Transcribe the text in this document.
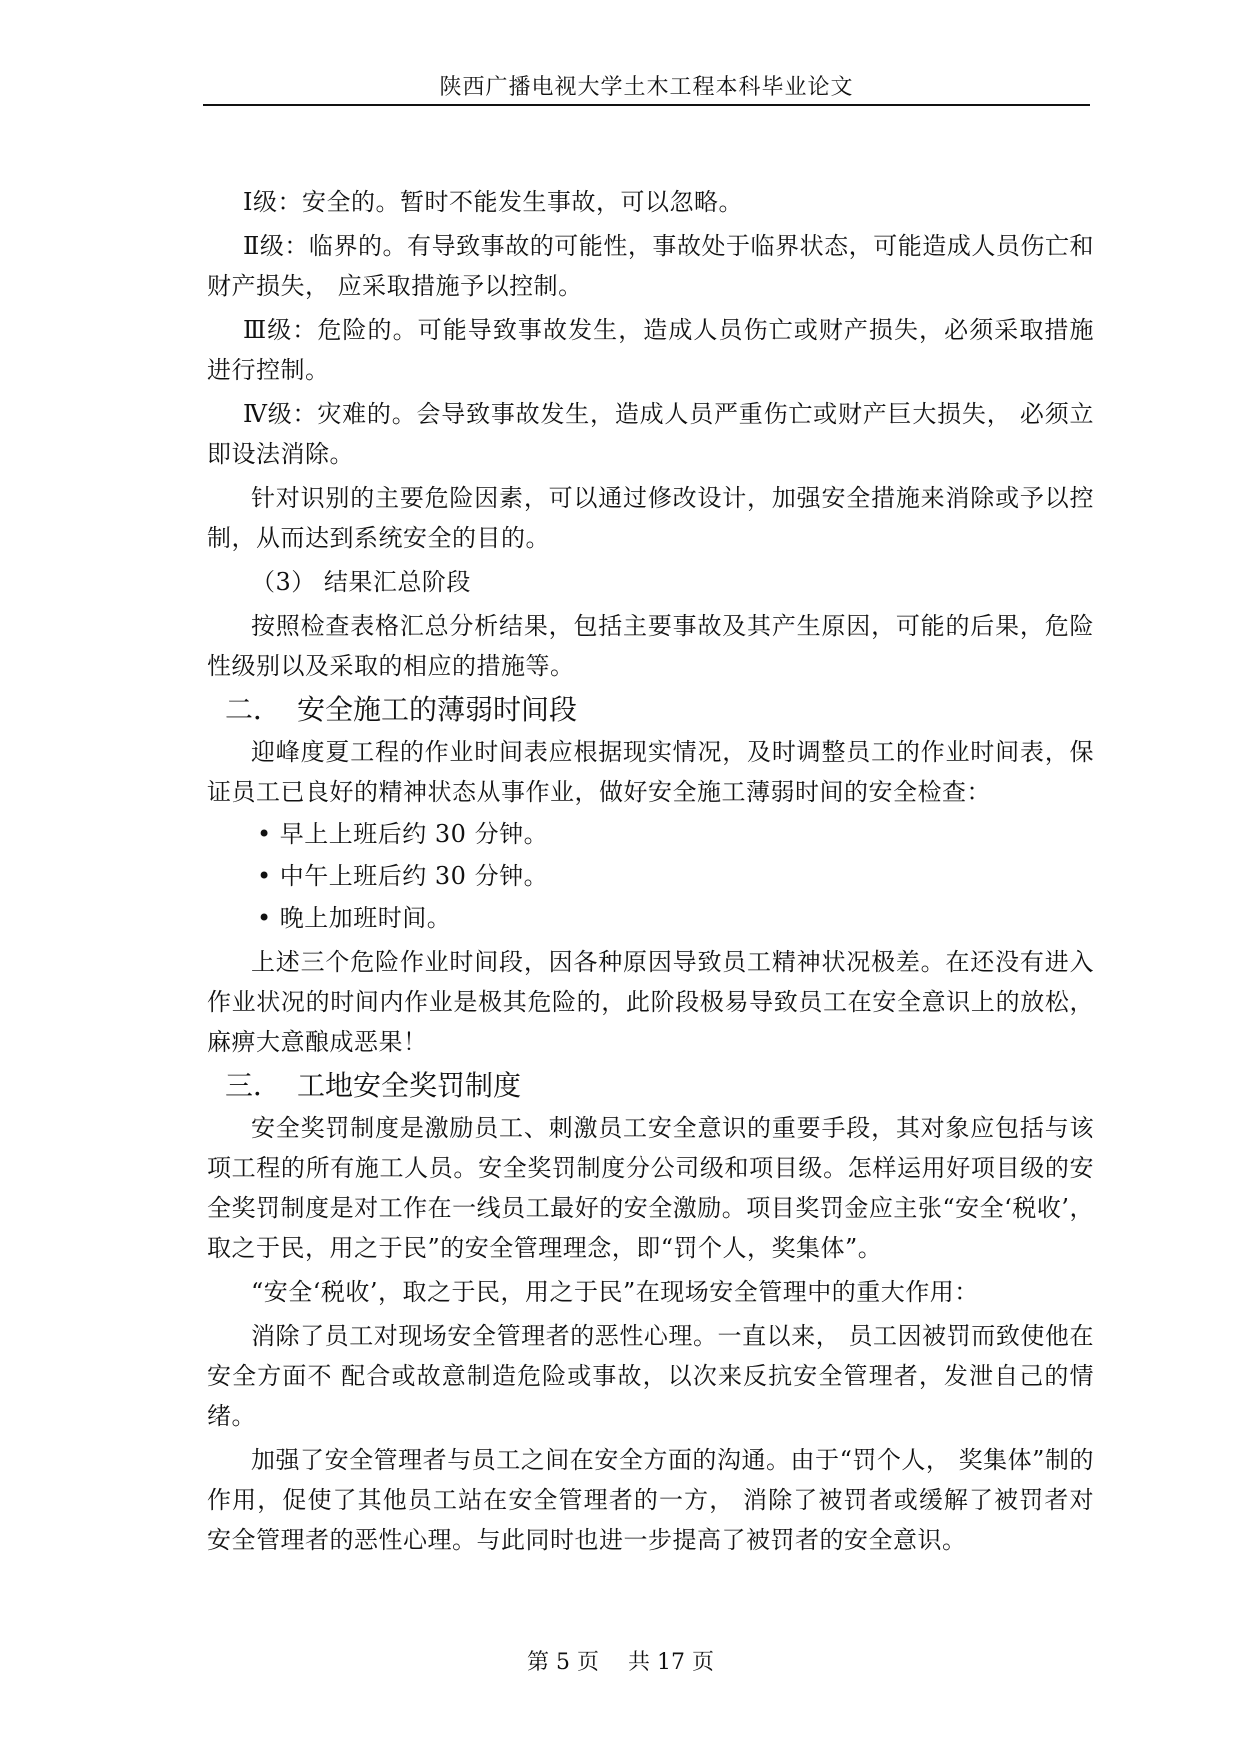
陕西广播电视大学土木工程本科毕业论文

Ⅰ级：安全的。暂时不能发生事故，可以忽略。

Ⅱ级：临界的。有导致事故的可能性，事故处于临界状态，可能造成人员伤亡和财产损失， 应采取措施予以控制。

Ⅲ级：危险的。可能导致事故发生，造成人员伤亡或财产损失，必须采取措施进行控制。

Ⅳ级：灾难的。会导致事故发生，造成人员严重伤亡或财产巨大损失， 必须立即设法消除。

针对识别的主要危险因素，可以通过修改设计，加强安全措施来消除或予以控制，从而达到系统安全的目的。

（3） 结果汇总阶段

按照检查表格汇总分析结果，包括主要事故及其产生原因，可能的后果，危险性级别以及采取的相应的措施等。

二． 安全施工的薄弱时间段

迎峰度夏工程的作业时间表应根据现实情况，及时调整员工的作业时间表，保证员工已良好的精神状态从事作业，做好安全施工薄弱时间的安全检查：

• 早上上班后约 30 分钟。
• 中午上班后约 30 分钟。
• 晚上加班时间。

上述三个危险作业时间段，因各种原因导致员工精神状况极差。在还没有进入作业状况的时间内作业是极其危险的，此阶段极易导致员工在安全意识上的放松，麻痹大意酿成恶果！

三． 工地安全奖罚制度

安全奖罚制度是激励员工、刺激员工安全意识的重要手段，其对象应包括与该项工程的所有施工人员。安全奖罚制度分公司级和项目级。怎样运用好项目级的安全奖罚制度是对工作在一线员工最好的安全激励。项目奖罚金应主张“安全‘税收’，取之于民，用之于民”的安全管理理念，即“罚个人，奖集体”。

“安全‘税收’，取之于民，用之于民”在现场安全管理中的重大作用：

消除了员工对现场安全管理者的恶性心理。一直以来， 员工因被罚而致使他在安全方面不 配合或故意制造危险或事故，以次来反抗安全管理者，发泄自己的情绪。

加强了安全管理者与员工之间在安全方面的沟通。由于“罚个人， 奖集体”制的作用，促使了其他员工站在安全管理者的一方， 消除了被罚者或缓解了被罚者对安全管理者的恶性心理。与此同时也进一步提高了被罚者的安全意识。

第 5 页　 共 17 页
